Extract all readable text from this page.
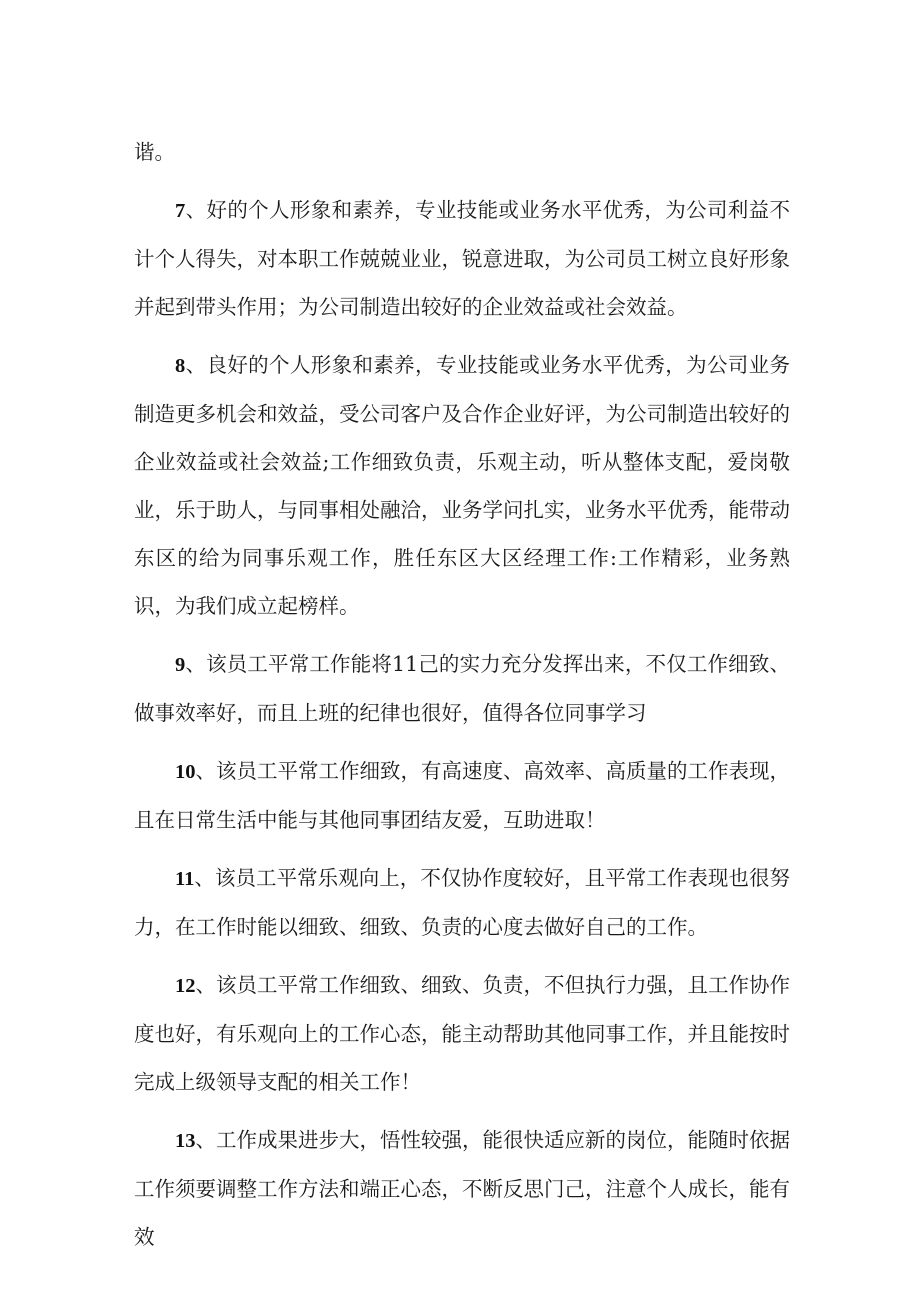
谐。

7、好的个人形象和素养，专业技能或业务水平优秀，为公司利益不计个人得失，对本职工作兢兢业业，锐意进取，为公司员工树立良好形象并起到带头作用；为公司制造出较好的企业效益或社会效益。

8、良好的个人形象和素养，专业技能或业务水平优秀，为公司业务制造更多机会和效益，受公司客户及合作企业好评，为公司制造出较好的企业效益或社会效益;工作细致负责，乐观主动，听从整体支配，爱岗敬业，乐于助人，与同事相处融洽，业务学问扎实，业务水平优秀，能带动东区的给为同事乐观工作，胜任东区大区经理工作:工作精彩，业务熟识，为我们成立起榜样。

9、该员工平常工作能将11己的实力充分发挥出来，不仅工作细致、做事效率好，而且上班的纪律也很好，值得各位同事学习

10、该员工平常工作细致，有高速度、高效率、高质量的工作表现，且在日常生活中能与其他同事团结友爱，互助进取！

11、该员工平常乐观向上，不仅协作度较好，且平常工作表现也很努力，在工作时能以细致、细致、负责的心度去做好自己的工作。

12、该员工平常工作细致、细致、负责，不但执行力强，且工作协作度也好，有乐观向上的工作心态，能主动帮助其他同事工作，并且能按时完成上级领导支配的相关工作！

13、工作成果进步大，悟性较强，能很快适应新的岗位，能随时依据工作须要调整工作方法和端正心态，不断反思门己，注意个人成长，能有效
